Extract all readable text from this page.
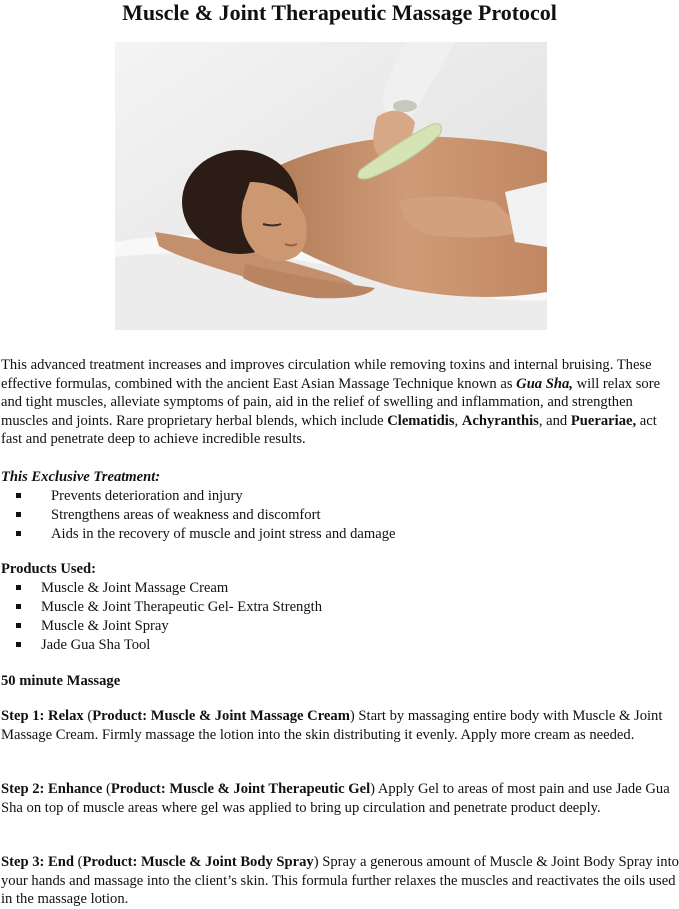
Muscle & Joint Therapeutic Massage Protocol

This advanced treatment increases and improves circulation while removing toxins and internal bruising. These effective formulas, combined with the ancient East Asian Massage Technique known as Gua Sha, will relax sore and tight muscles, alleviate symptoms of pain, aid in the relief of swelling and inflammation, and strengthen muscles and joints. Rare proprietary herbal blends, which include Clematidis, Achyranthis, and Puerariae, act fast and penetrate deep to achieve incredible results.

This Exclusive Treatment:
Prevents deterioration and injury
Strengthens areas of weakness and discomfort
Aids in the recovery of muscle and joint stress and damage
Products Used:
Muscle & Joint Massage Cream
Muscle & Joint Therapeutic Gel- Extra Strength
Muscle & Joint Spray
Jade Gua Sha Tool
50 minute Massage

Step 1: Relax (Product: Muscle & Joint Massage Cream) Start by massaging entire body with Muscle & Joint Massage Cream. Firmly massage the lotion into the skin distributing it evenly. Apply more cream as needed.

Step 2: Enhance (Product: Muscle & Joint Therapeutic Gel) Apply Gel to areas of most pain and use Jade Gua Sha on top of muscle areas where gel was applied to bring up circulation and penetrate product deeply.

Step 3: End (Product: Muscle & Joint Body Spray) Spray a generous amount of Muscle & Joint Body Spray into your hands and massage into the client’s skin. This formula further relaxes the muscles and reactivates the oils used in the massage lotion.
